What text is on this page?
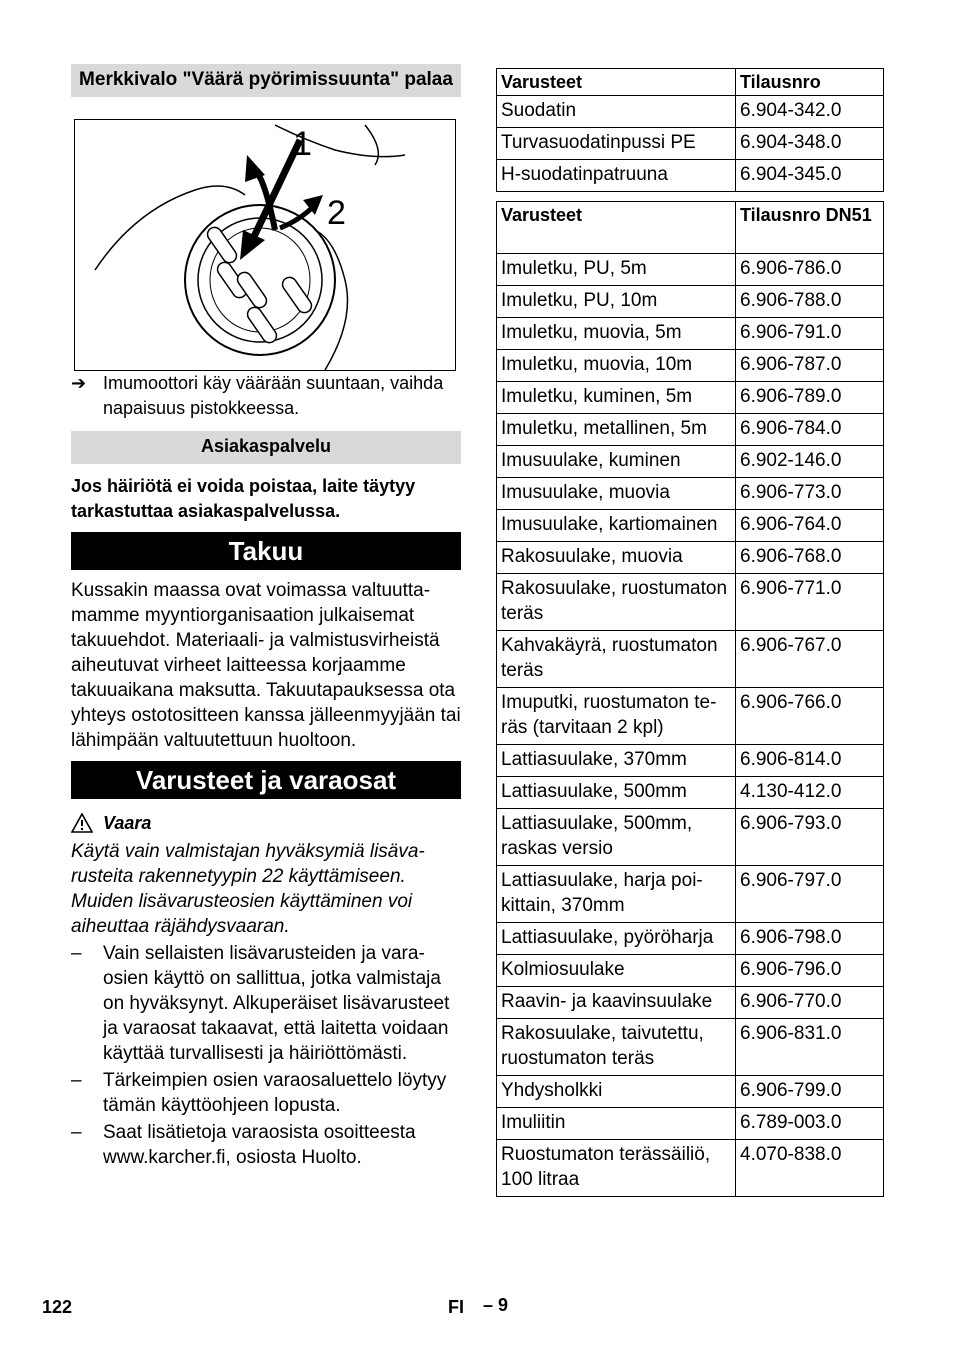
Merkkivalo "Väärä pyörimissuunta" palaa
1
2
➔ Imumoottori käy väärään suuntaan, vaihda napaisuus pistokkeessa.
Asiakaspalvelu

Jos häiriötä ei voida poistaa, laite täytyy tarkastuttaa asiakaspalvelussa.

Takuu

Kussakin maassa ovat voimassa valtuuttamamme myyntiorganisaation julkaisemat takuuehdot. Materiaali- ja valmistusvirheistä aiheutuvat virheet laitteessa korjaamme takuuaikana maksutta. Takuutapauksessa ota yhteys ostotositteen kanssa jälleenmyyjään tai lähimpään valtuutettuun huoltoon.

Varusteet ja varaosat
Vaara

Käytä vain valmistajan hyväksymiä lisävarusteita rakennetyypin 22 käyttämiseen. Muiden lisävarusteosien käyttäminen voi aiheuttaa räjähdysvaaran.

–	Vain sellaisten lisävarusteiden ja varaosien käyttö on sallittua, jotka valmistaja on hyväksynyt. Alkuperäiset lisävarusteet ja varaosat takaavat, että laitetta voidaan käyttää turvallisesti ja häiriöttömästi.
–	Tärkeimpien osien varaosaluettelo löytyy tämän käyttöohjeen lopusta.
–	Saat lisätietoja varaosista osoitteesta www.karcher.fi, osiosta Huolto.
Varusteet	Tilausnro
Suodatin	6.904-342.0
Turvasuodatinpussi PE	6.904-348.0
H-suodatinpatruuna	6.904-345.0
Varusteet	Tilausnro DN51
Imuletku, PU, 5m	6.906-786.0
Imuletku, PU, 10m	6.906-788.0
Imuletku, muovia, 5m	6.906-791.0
Imuletku, muovia, 10m	6.906-787.0
Imuletku, kuminen, 5m	6.906-789.0
Imuletku, metallinen, 5m	6.906-784.0
Imusuulake, kuminen	6.902-146.0
Imusuulake, muovia	6.906-773.0
Imusuulake, kartiomainen	6.906-764.0
Rakosuulake, muovia	6.906-768.0
Rakosuulake, ruostumaton teräs	6.906-771.0
Kahvakäyrä, ruostumaton teräs	6.906-767.0
Imuputki, ruostumaton teräs (tarvitaan 2 kpl)	6.906-766.0
Lattiasuulake, 370mm	6.906-814.0
Lattiasuulake, 500mm	4.130-412.0
Lattiasuulake, 500mm, raskas versio	6.906-793.0
Lattiasuulake, harja poikittain, 370mm	6.906-797.0
Lattiasuulake, pyöröharja	6.906-798.0
Kolmiosuulake	6.906-796.0
Raavin- ja kaavinsuulake	6.906-770.0
Rakosuulake, taivutettu, ruostumaton teräs	6.906-831.0
Yhdysholkki	6.906-799.0
Imuliitin	6.789-003.0
Ruostumaton terässäiliö, 100 litraa	4.070-838.0
122	FI – 9
